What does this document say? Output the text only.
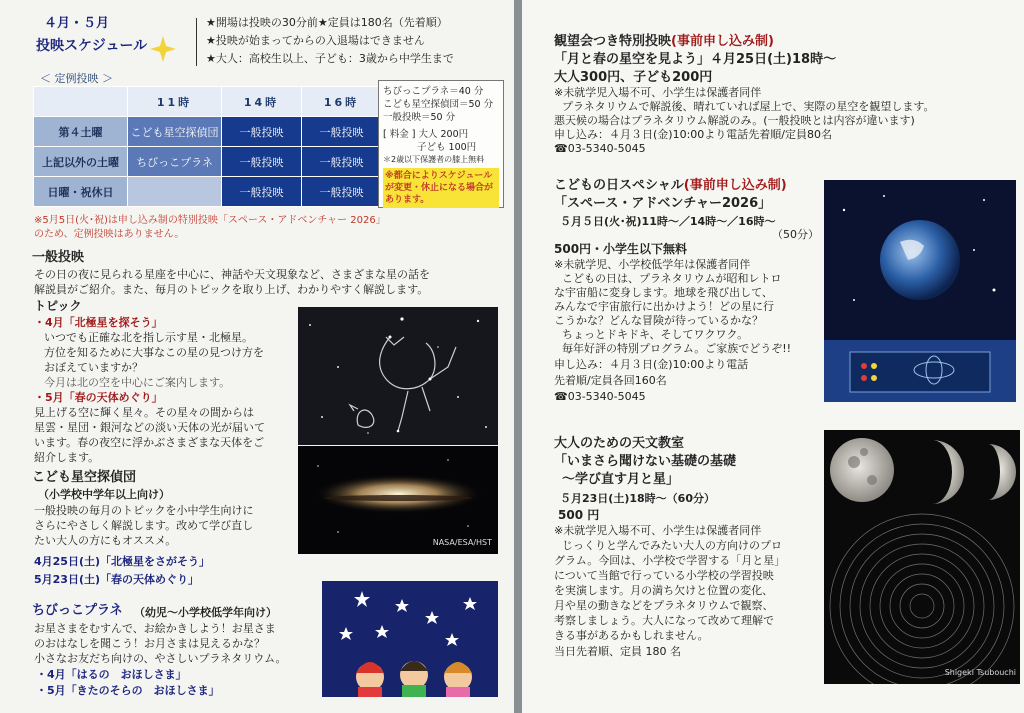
４月・５月
投映スケジュール
★開場は投映の30分前★定員は180名（先着順）
★投映が始まってからの入退場はできません
★大人：高校生以上、子ども：3歳から中学生まで
＜ 定例投映 ＞
	11時	14時	16時
第４土曜	こども星空探偵団	一般投映	一般投映
上記以外の土曜	ちびっこプラネ	一般投映	一般投映
日曜・祝休日		一般投映	一般投映
ちびっこプラネ＝40 分
こども星空探偵団＝50 分
一般投映＝50 分
[ 料金 ] 大人 200円
子ども 100円
＊2歳以下保護者の膝上無料
※都合によりスケジュール
が変更・休止になる場合が
あります。
※5月5日(火･祝)は申し込み制の特別投映「スペース・アドベンチャー 2026」
のため、定例投映はありません。
一般投映
その日の夜に見られる星座を中心に、神話や天文現象など、さまざまな星の話を
解説員がご紹介。また、毎月のトピックを取り上げ、わかりやすく解説します。
トピック
・4月「北極星を探そう」
いつでも正確な北を指し示す星・北極星。
方位を知るために大事なこの星の見つけ方を
おぼえていますか？
今月は北の空を中心にご案内します。
・5月「春の天体めぐり」
見上げる空に輝く星々。その星々の間からは
星雲・星団・銀河などの淡い天体の光が届いて
います。春の夜空に浮かぶさまざまな天体をご
紹介します。
NASA/ESA/HST
こども星空探偵団
（小学校中学年以上向け）
一般投映の毎月のトピックを小中学生向けに
さらにやさしく解説します。改めて学び直し
たい大人の方にもオススメ。
4月25日(土)「北極星をさがそう」
5月23日(土)「春の天体めぐり」
ちびっこプラネ （幼児～小学校低学年向け）
お星さまをむすんで、お絵かきしよう！お星さま
のおはなしを聞こう！お月さまは見えるかな？
小さなお友だち向けの、やさしいプラネタリウム。
・4月「はるの　おほしさま」
・5月「きたのそらの　おほしさま」
観望会つき特別投映(事前申し込み制)
「月と春の星空を見よう」４月25日(土)18時～
大人300円、子ども200円
※未就学児入場不可、小学生は保護者同伴
プラネタリウムで解説後、晴れていれば屋上で、実際の星空を観望します。
悪天候の場合はプラネタリウム解説のみ。(一般投映とは内容が違います)
申し込み：４月３日(金)10:00より電話先着順/定員80名
☎03-5340-5045
こどもの日スペシャル(事前申し込み制)
「スペース・アドベンチャー2026」
５月５日(火･祝)11時～／14時～／16時～
（50分）
500円・小学生以下無料
※未就学児、小学校低学年は保護者同伴
こどもの日は、プラネタリウムが昭和レトロ
な宇宙船に変身します。地球を飛び出して、
みんなで宇宙旅行に出かけよう！どの星に行
こうかな？どんな冒険が待っているかな？
ちょっとドキドキ、そしてワクワク。
毎年好評の特別プログラム。ご家族でどうぞ!!
申し込み：４月３日(金)10:00より電話
先着順/定員各回160名
☎03-5340-5045
大人のための天文教室
「いまさら聞けない基礎の基礎
～学び直す月と星」
５月23日(土)18時～（60分）
500 円
※未就学児入場不可、小学生は保護者同伴
じっくりと学んでみたい大人の方向けのプロ
グラム。今回は、小学校で学習する「月と星」
について当館で行っている小学校の学習投映
を実演します。月の満ち欠けと位置の変化、
月や星の動きなどをプラネタリウムで観察、
考察しましょう。大人になって改めて理解で
きる事があるかもしれません。
当日先着順、定員 180 名
Shigeki Tsubouchi
